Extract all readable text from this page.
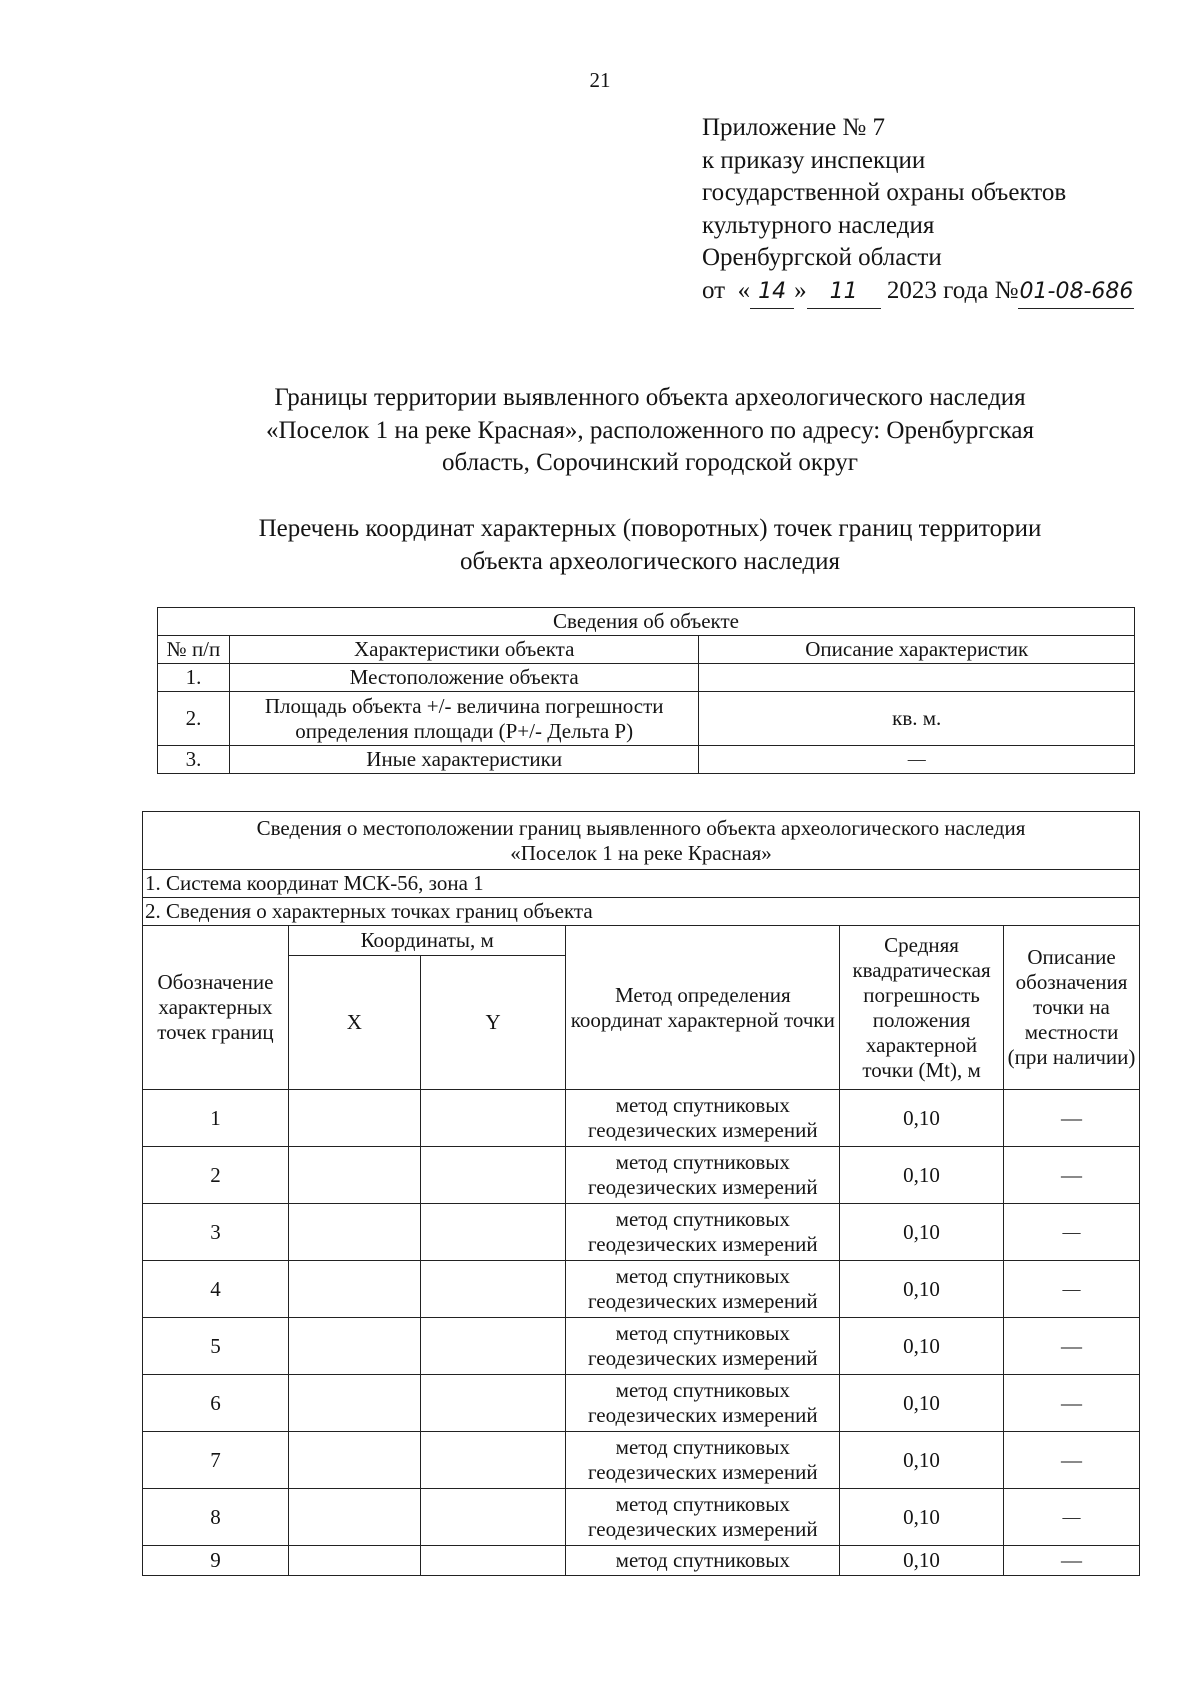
21
Приложение № 7
к приказу инспекции
государственной охраны объектов
культурного наследия
Оренбургской области
от « 14 » 11 2023 года №01-08-686
Границы территории выявленного объекта археологического наследия
«Поселок 1 на реке Красная», расположенного по адресу: Оренбургская
область, Сорочинский городской округ
Перечень координат характерных (поворотных) точек границ территории
объекта археологического наследия
Сведения об объекте		
№ п/п	Характеристики объекта	Описание характеристик
1.	Местоположение объекта	
2.	Площадь объекта +/- величина погрешности
определения площади (Р+/- Дельта Р)	кв. м.
3.	Иные характеристики	—
Сведения о местоположении границ выявленного объекта археологического наследия
«Поселок 1 на реке Красная»					

1. Система координат МСК-56, зона 1					
2. Сведения о характерных точках границ объекта					
Обозначение характерных точек границ	Координаты, м		Метод определения координат характерной точки	Средняя квадратическая погрешность положения характерной точки (Mt), м	Описание обозначения точки на местности (при наличии)
	X	Y			
1			метод спутниковых
геодезических измерений	0,10	—
2			метод спутниковых
геодезических измерений	0,10	—
3			метод спутниковых
геодезических измерений	0,10	—
4			метод спутниковых
геодезических измерений	0,10	—
5			метод спутниковых
геодезических измерений	0,10	—
6			метод спутниковых
геодезических измерений	0,10	—
7			метод спутниковых
геодезических измерений	0,10	—
8			метод спутниковых
геодезических измерений	0,10	—
9			метод спутниковых	0,10	—
